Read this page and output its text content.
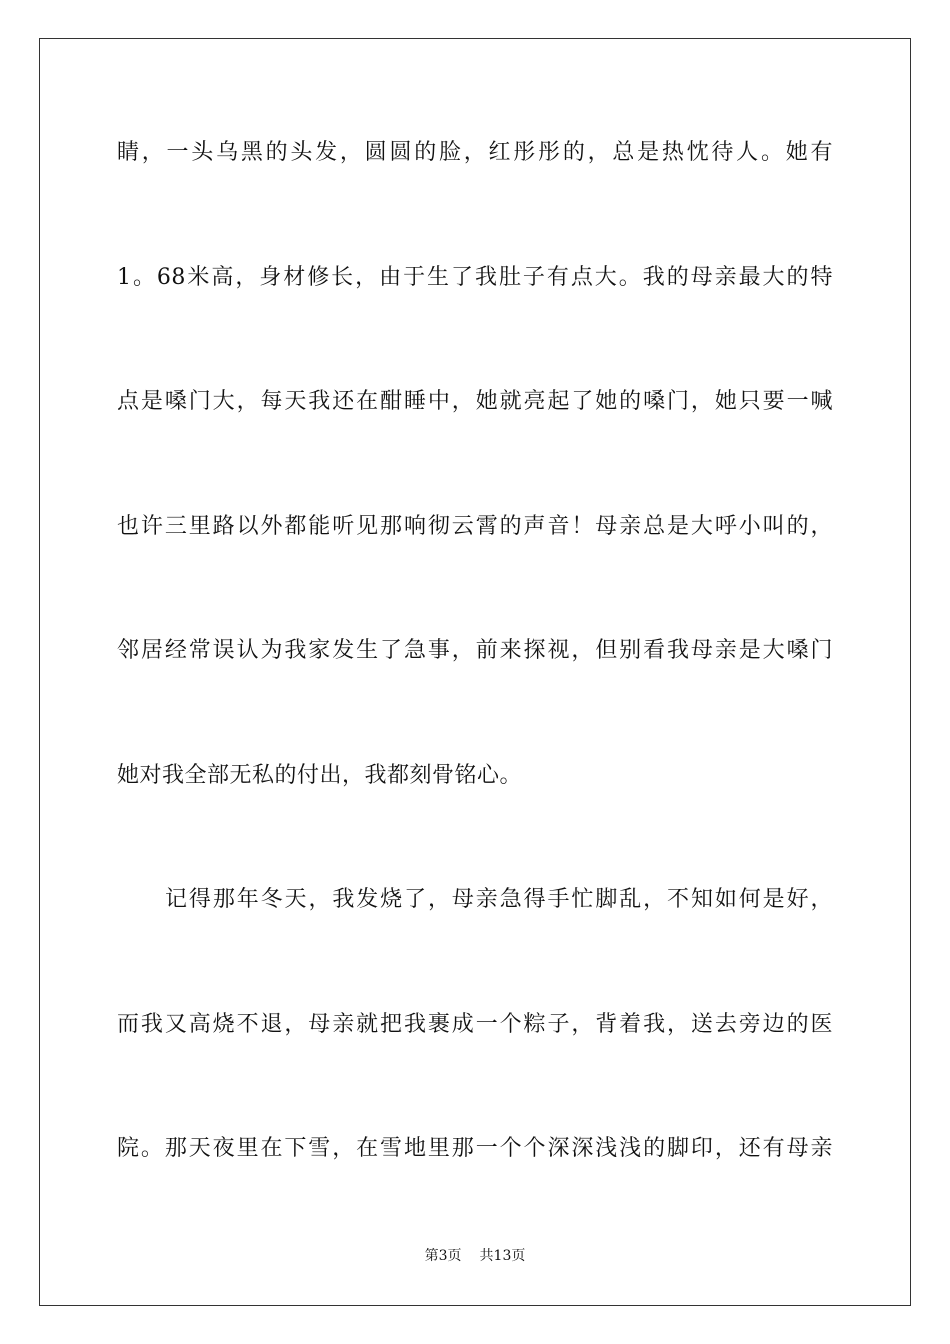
睛，一头乌黑的头发，圆圆的脸，红彤彤的，总是热忱待人。她有
1。68米高，身材修长，由于生了我肚子有点大。我的母亲最大的特
点是嗓门大，每天我还在酣睡中，她就亮起了她的嗓门，她只要一喊
也许三里路以外都能听见那响彻云霄的声音！母亲总是大呼小叫的，
邻居经常误认为我家发生了急事，前来探视，但别看我母亲是大嗓门
她对我全部无私的付出，我都刻骨铭心。
记得那年冬天，我发烧了，母亲急得手忙脚乱，不知如何是好，
而我又高烧不退，母亲就把我裹成一个粽子，背着我，送去旁边的医
院。那天夜里在下雪，在雪地里那一个个深深浅浅的脚印，还有母亲
第3页 共13页
